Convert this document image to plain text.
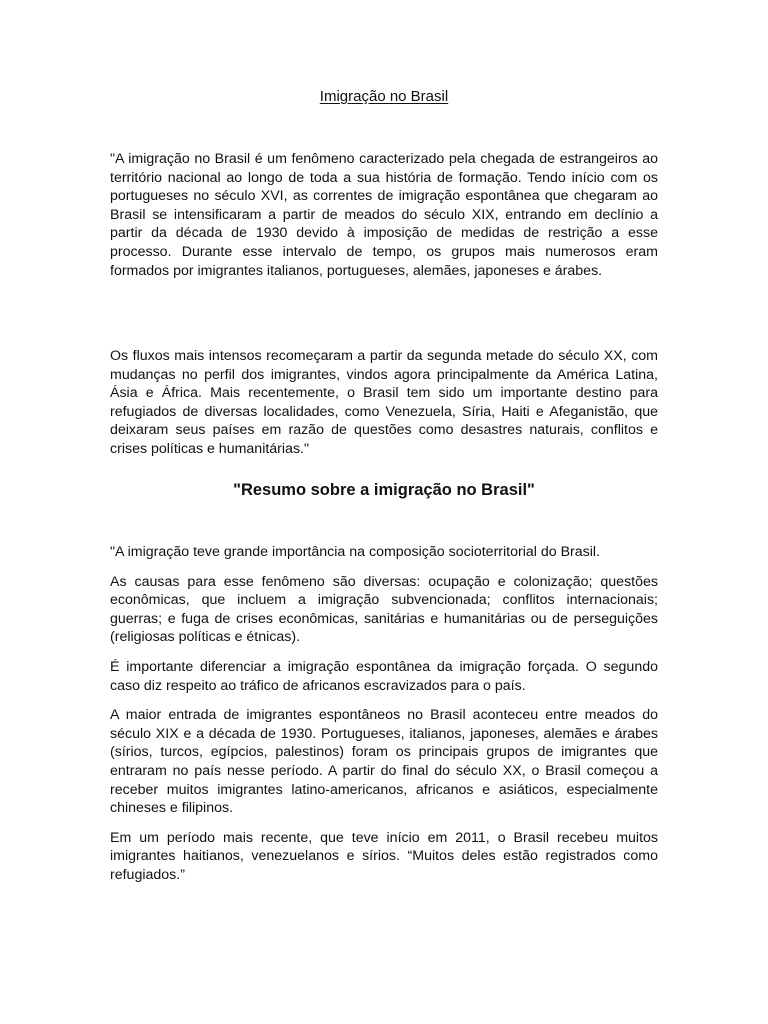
Imigração no Brasil

"A imigração no Brasil é um fenômeno caracterizado pela chegada de estrangeiros ao território nacional ao longo de toda a sua história de formação. Tendo início com os portugueses no século XVI, as correntes de imigração espontânea que chegaram ao Brasil se intensificaram a partir de meados do século XIX, entrando em declínio a partir da década de 1930 devido à imposição de medidas de restrição a esse processo. Durante esse intervalo de tempo, os grupos mais numerosos eram formados por imigrantes italianos, portugueses, alemães, japoneses e árabes.

Os fluxos mais intensos recomeçaram a partir da segunda metade do século XX, com mudanças no perfil dos imigrantes, vindos agora principalmente da América Latina, Ásia e África. Mais recentemente, o Brasil tem sido um importante destino para refugiados de diversas localidades, como Venezuela, Síria, Haiti e Afeganistão, que deixaram seus países em razão de questões como desastres naturais, conflitos e crises políticas e humanitárias."

"Resumo sobre a imigração no Brasil"

"A imigração teve grande importância na composição socioterritorial do Brasil.

As causas para esse fenômeno são diversas: ocupação e colonização; questões econômicas, que incluem a imigração subvencionada; conflitos internacionais; guerras; e fuga de crises econômicas, sanitárias e humanitárias ou de perseguições (religiosas políticas e étnicas).

É importante diferenciar a imigração espontânea da imigração forçada. O segundo caso diz respeito ao tráfico de africanos escravizados para o país.

A maior entrada de imigrantes espontâneos no Brasil aconteceu entre meados do século XIX e a década de 1930. Portugueses, italianos, japoneses, alemães e árabes (sírios, turcos, egípcios, palestinos) foram os principais grupos de imigrantes que entraram no país nesse período. A partir do final do século XX, o Brasil começou a receber muitos imigrantes latino-americanos, africanos e asiáticos, especialmente chineses e filipinos.

Em um período mais recente, que teve início em 2011, o Brasil recebeu muitos imigrantes haitianos, venezuelanos e sírios. “Muitos deles estão registrados como refugiados.”
